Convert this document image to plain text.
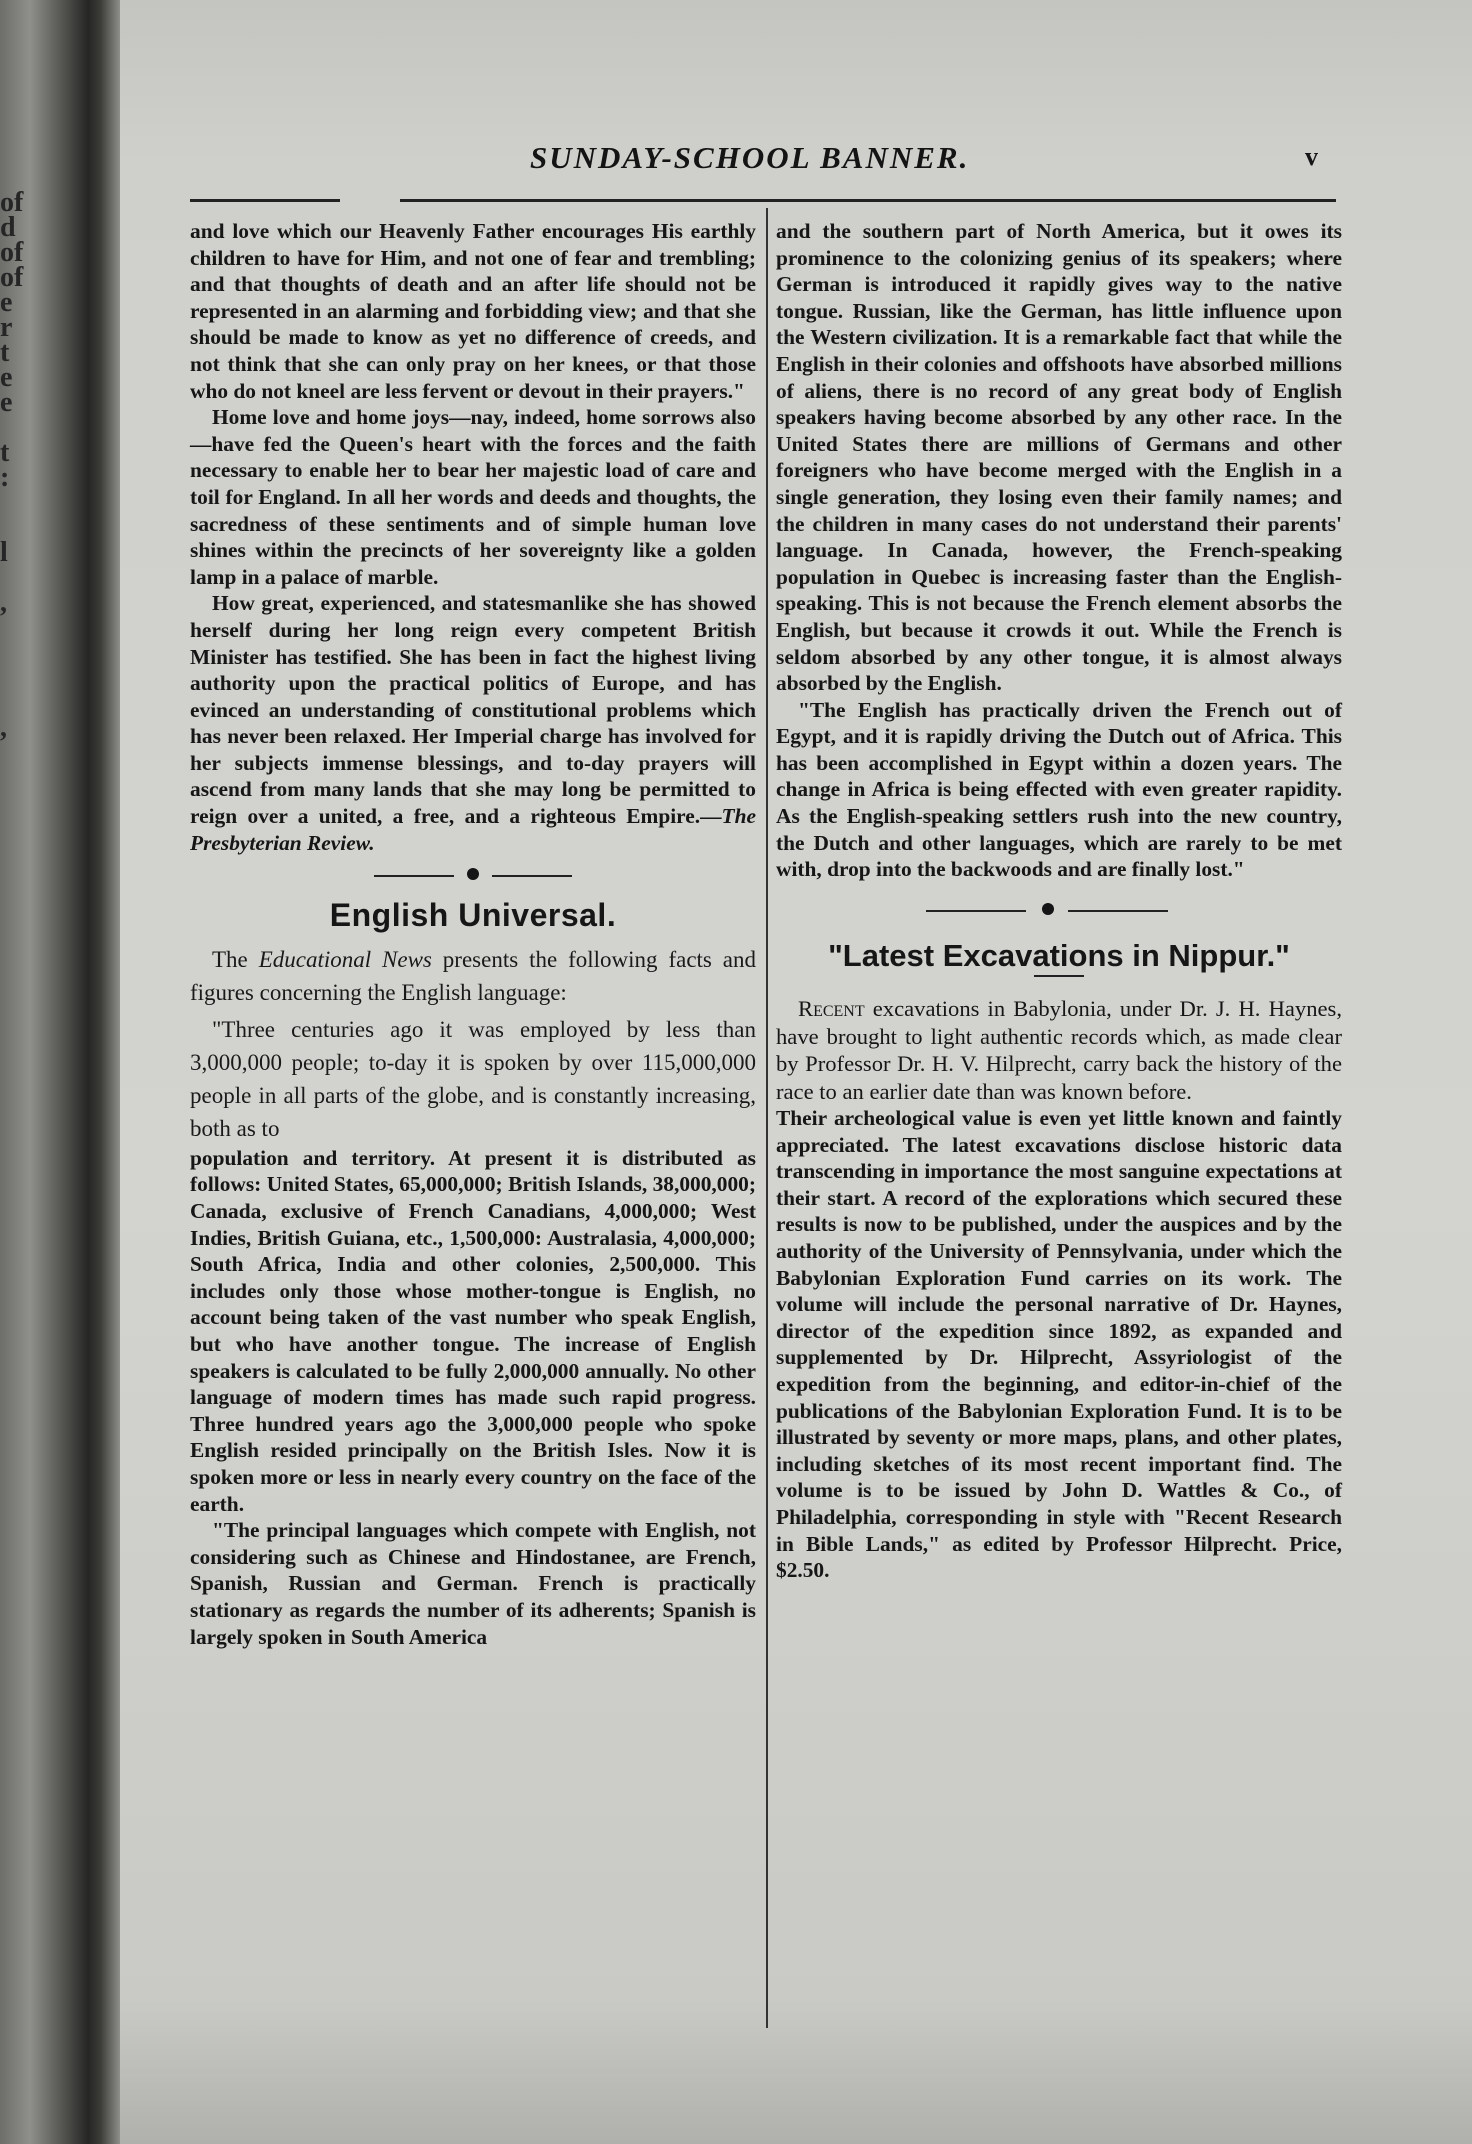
of
d
of
of
e
r
t
e
e

t
:

l

,

,

SUNDAY-SCHOOL BANNER.	v

and love which our Heavenly Father encourages His earthly children to have for Him, and not one of fear and trembling; and that thoughts of death and an after life should not be represented in an alarming and forbidding view; and that she should be made to know as yet no difference of creeds, and not think that she can only pray on her knees, or that those who do not kneel are less fervent or devout in their prayers."

Home love and home joys—nay, indeed, home sorrows also—have fed the Queen's heart with the forces and the faith necessary to enable her to bear her majestic load of care and toil for England. In all her words and deeds and thoughts, the sacredness of these sentiments and of simple human love shines within the precincts of her sovereignty like a golden lamp in a palace of marble.

How great, experienced, and statesmanlike she has showed herself during her long reign every competent British Minister has testified. She has been in fact the highest living authority upon the practical politics of Europe, and has evinced an understanding of constitutional problems which has never been relaxed. Her Imperial charge has involved for her subjects immense blessings, and to-day prayers will ascend from many lands that she may long be permitted to reign over a united, a free, and a righteous Empire.—The Presbyterian Review.

English Universal.

The Educational News presents the following facts and figures concerning the English language:

"Three centuries ago it was employed by less than 3,000,000 people; to-day it is spoken by over 115,000,000 people in all parts of the globe, and is constantly increasing, both as to

population and territory. At present it is distributed as follows: United States, 65,000,000; British Islands, 38,000,000; Canada, exclusive of French Canadians, 4,000,000; West Indies, British Guiana, etc., 1,500,000: Australasia, 4,000,000; South Africa, India and other colonies, 2,500,000. This includes only those whose mother-tongue is English, no account being taken of the vast number who speak English, but who have another tongue. The increase of English speakers is calculated to be fully 2,000,000 annually. No other language of modern times has made such rapid progress. Three hundred years ago the 3,000,000 people who spoke English resided principally on the British Isles. Now it is spoken more or less in nearly every country on the face of the earth.

"The principal languages which compete with English, not considering such as Chinese and Hindostanee, are French, Spanish, Russian and German. French is practically stationary as regards the number of its adherents; Spanish is largely spoken in South America

and the southern part of North America, but it owes its prominence to the colonizing genius of its speakers; where German is introduced it rapidly gives way to the native tongue. Russian, like the German, has little influence upon the Western civilization. It is a remarkable fact that while the English in their colonies and offshoots have absorbed millions of aliens, there is no record of any great body of English speakers having become absorbed by any other race. In the United States there are millions of Germans and other foreigners who have become merged with the English in a single generation, they losing even their family names; and the children in many cases do not understand their parents' language. In Canada, however, the French-speaking population in Quebec is increasing faster than the English-speaking. This is not because the French element absorbs the English, but because it crowds it out. While the French is seldom absorbed by any other tongue, it is almost always absorbed by the English.

"The English has practically driven the French out of Egypt, and it is rapidly driving the Dutch out of Africa. This has been accomplished in Egypt within a dozen years. The change in Africa is being effected with even greater rapidity. As the English-speaking settlers rush into the new country, the Dutch and other languages, which are rarely to be met with, drop into the backwoods and are finally lost."

"Latest Excavations in Nippur."

Recent excavations in Babylonia, under Dr. J. H. Haynes, have brought to light authentic records which, as made clear by Professor Dr. H. V. Hilprecht, carry back the history of the race to an earlier date than was known before.

Their archeological value is even yet little known and faintly appreciated. The latest excavations disclose historic data transcending in importance the most sanguine expectations at their start. A record of the explorations which secured these results is now to be published, under the auspices and by the authority of the University of Pennsylvania, under which the Babylonian Exploration Fund carries on its work. The volume will include the personal narrative of Dr. Haynes, director of the expedition since 1892, as expanded and supplemented by Dr. Hilprecht, Assyriologist of the expedition from the beginning, and editor-in-chief of the publications of the Babylonian Exploration Fund. It is to be illustrated by seventy or more maps, plans, and other plates, including sketches of its most recent important find. The volume is to be issued by John D. Wattles & Co., of Philadelphia, corresponding in style with "Recent Research in Bible Lands," as edited by Professor Hilprecht. Price, $2.50.
